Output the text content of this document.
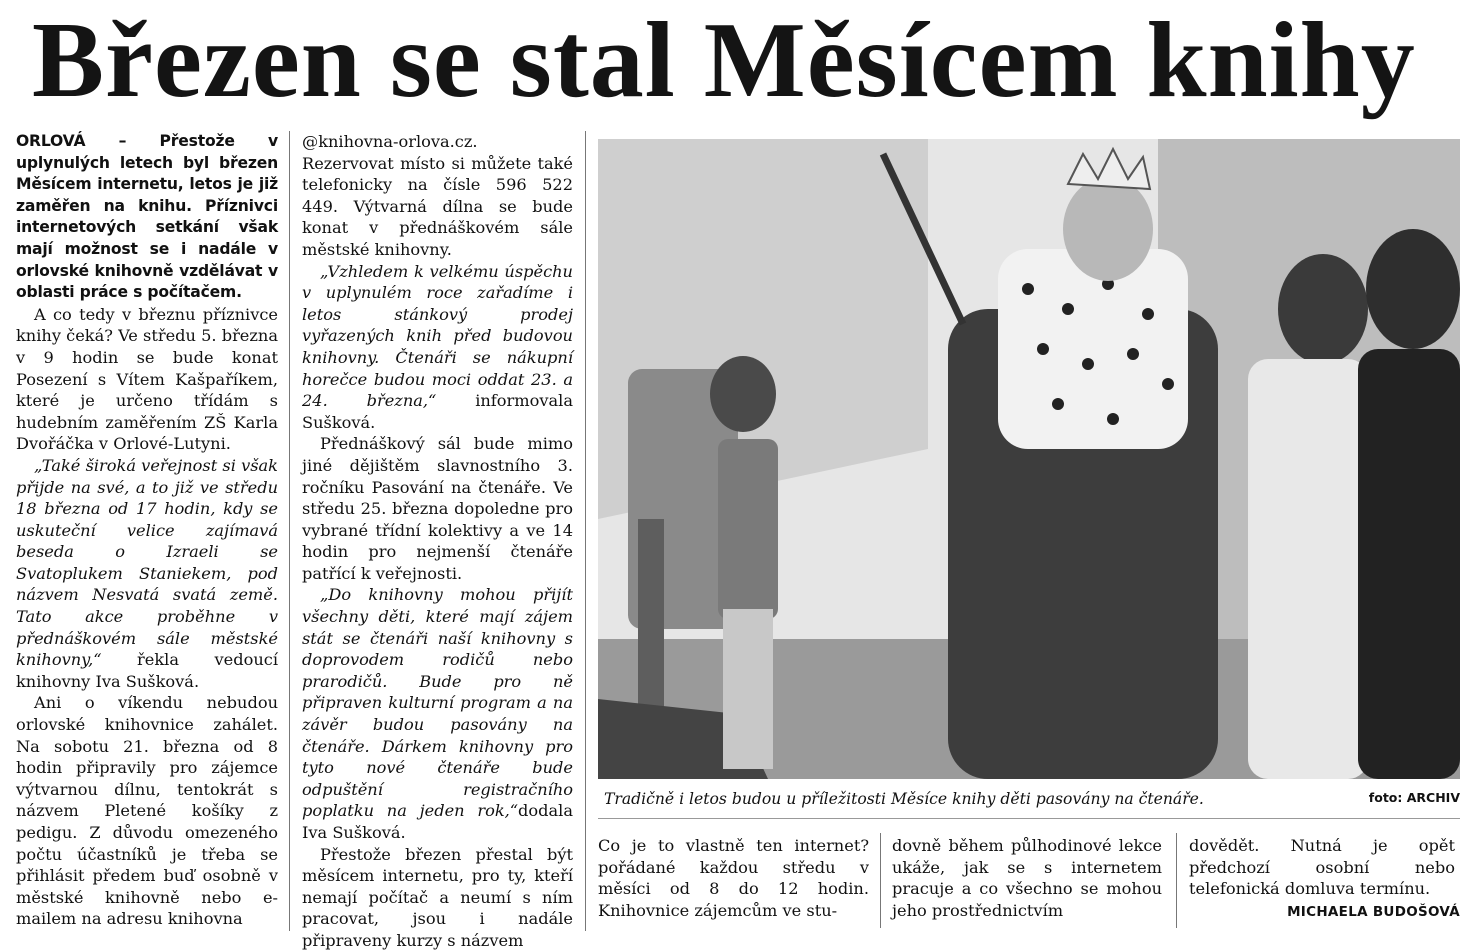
Březen se stal Měsícem knihy

ORLOVÁ – Přestože v uplynulých letech byl březen Měsícem internetu, letos je již zaměřen na knihu. Příznivci internetových setkání však mají možnost se i nadále v orlovské knihovně vzdělávat v oblasti práce s počítačem.

A co tedy v březnu příznivce knihy čeká? Ve středu 5. března v 9 hodin se bude konat Posezení s Vítem Kašpaříkem, které je určeno třídám s hudebním zaměřením ZŠ Karla Dvořáčka v Orlové-Lutyni.

„Také široká veřejnost si však přijde na své, a to již ve středu 18 března od 17 hodin, kdy se uskuteční velice zajímavá beseda o Izraeli se Svatoplukem Staniekem, pod názvem Nesvatá svatá země. Tato akce proběhne v přednáškovém sále městské knihovny,“ řekla vedoucí knihovny Iva Sušková.

Ani o víkendu nebudou orlovské knihovnice zahálet. Na sobotu 21. března od 8 hodin připravily pro zájemce výtvarnou dílnu, tentokrát s názvem Pletené košíky z pedigu. Z důvodu omezeného počtu účastníků je třeba se přihlásit předem buď osobně v městské knihovně nebo e-mailem na adresu knihovna

@knihovna-orlova.cz. Rezervovat místo si můžete také telefonicky na čísle 596 522 449. Výtvarná dílna se bude konat v přednáškovém sále městské knihovny.

„Vzhledem k velkému úspěchu v uplynulém roce zařadíme i letos stánkový prodej vyřazených knih před budovou knihovny. Čtenáři se nákupní horečce budou moci oddat 23. a 24. března,“ informovala Sušková.

Přednáškový sál bude mimo jiné dějištěm slavnostního 3. ročníku Pasování na čtenáře. Ve středu 25. března dopoledne pro vybrané třídní kolektivy a ve 14 hodin pro nejmenší čtenáře patřící k veřejnosti.

„Do knihovny mohou přijít všechny děti, které mají zájem stát se čtenáři naší knihovny s doprovodem rodičů nebo prarodičů. Bude pro ně připraven kulturní program a na závěr budou pasovány na čtenáře. Dárkem knihovny pro tyto nové čtenáře bude odpuštění registračního poplatku na jeden rok,“dodala Iva Sušková.

Přestože březen přestal být měsícem internetu, pro ty, kteří nemají počítač a neumí s ním pracovat, jsou i nadále připraveny kurzy s názvem

Tradičně i letos budou u příležitosti Měsíce knihy děti pasovány na čtenáře.	foto: ARCHIV

Co je to vlastně ten internet? pořádané každou středu v měsíci od 8 do 12 hodin. Knihovnice zájemcům ve stu-

dovně během půlhodinové lekce ukáže, jak se s internetem pracuje a co všechno se mohou jeho prostřednictvím

dovědět. Nutná je opět předchozí osobní nebo telefonická domluva termínu.

MICHAELA BUDOŠOVÁ
